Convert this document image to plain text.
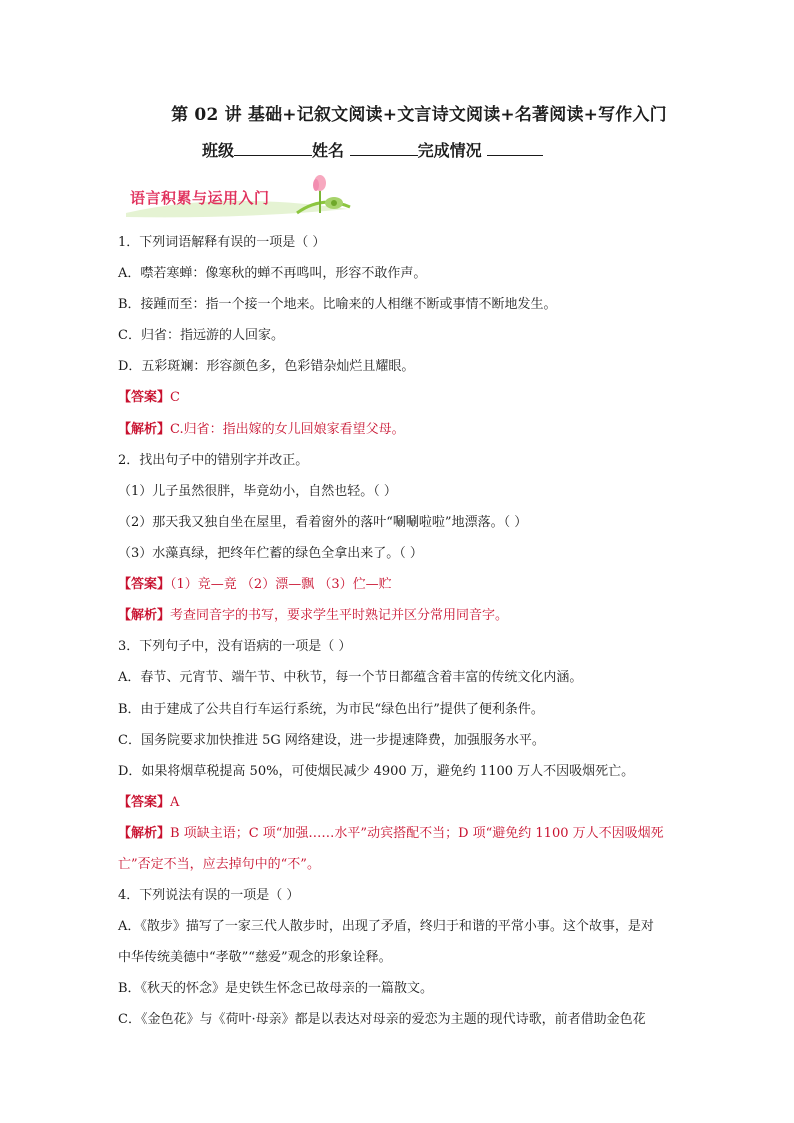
第 02 讲 基础+记叙文阅读+文言诗文阅读+名著阅读+写作入门
班级	姓名	完成情况
语言积累与运用入门
1．下列词语解释有误的一项是（ ）
A．噤若寒蝉：像寒秋的蝉不再鸣叫，形容不敢作声。
B．接踵而至：指一个接一个地来。比喻来的人相继不断或事情不断地发生。
C．归省：指远游的人回家。
D．五彩斑斓：形容颜色多，色彩错杂灿烂且耀眼。
【答案】C
【解析】C.归省：指出嫁的女儿回娘家看望父母。
2．找出句子中的错别字并改正。
（1）儿子虽然很胖，毕竟幼小，自然也轻。（ ）
（2）那天我又独自坐在屋里，看着窗外的落叶“唰唰啦啦”地漂落。（ ）
（3）水藻真绿，把终年伫蓄的绿色全拿出来了。（ ）
【答案】（1）竞—竟 （2）漂—飘 （3）伫—贮
【解析】考查同音字的书写，要求学生平时熟记并区分常用同音字。
3．下列句子中，没有语病的一项是（ ）
A．春节、元宵节、端午节、中秋节，每一个节日都蕴含着丰富的传统文化内涵。
B．由于建成了公共自行车运行系统，为市民“绿色出行”提供了便利条件。
C．国务院要求加快推进 5G 网络建设，进一步提速降费，加强服务水平。
D．如果将烟草税提高 50%，可使烟民减少 4900 万，避免约 1100 万人不因吸烟死亡。
【答案】A
【解析】B 项缺主语；C 项“加强……水平”动宾搭配不当；D 项“避免约 1100 万人不因吸烟死
亡”否定不当，应去掉句中的“不”。
4．下列说法有误的一项是（ ）
A．《散步》描写了一家三代人散步时，出现了矛盾，终归于和谐的平常小事。这个故事，是对
中华传统美德中“孝敬”“慈爱”观念的形象诠释。
B．《秋天的怀念》是史铁生怀念已故母亲的一篇散文。
C．《金色花》与《荷叶·母亲》都是以表达对母亲的爱恋为主题的现代诗歌，前者借助金色花
